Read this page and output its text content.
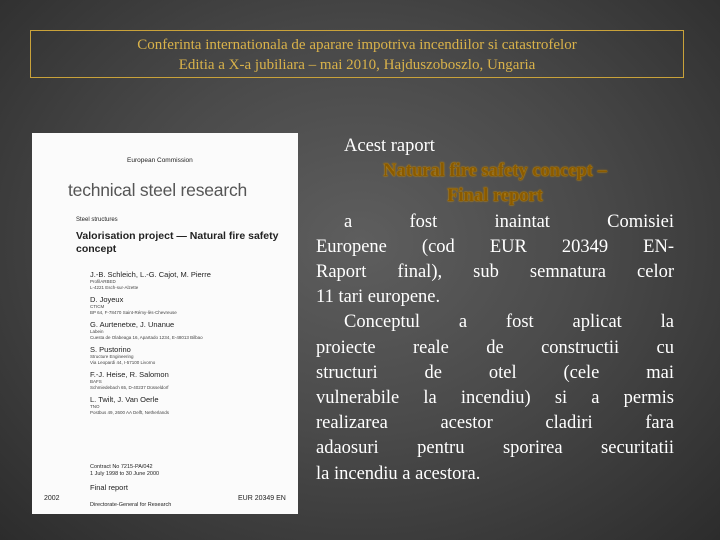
Conferinta internationala de aparare impotriva incendiilor si catastrofelor
Editia a X-a jubiliara – mai 2010, Hajduszoboszlo, Ungaria
European Commission
technical steel research
Steel structures
Valorisation project — Natural fire safety concept
J.-B. Schleich, L.-G. Cajot, M. Pierre
ProfilARBED
L-4221 Esch-sur-Alzette
D. Joyeux
CTICM
BP 64, F-78470 Saint-Rémy-lès-Chevreuse
G. Aurtenetxe, J. Unanue
Labein
Cuesta de Olabeaga 16, Apartado 1234, E-48013 Bilbao
S. Pustorino
Structure Engineering
Via Leopardi 44, I-57100 Livorno
F.-J. Heise, R. Salomon
BAFS
Schmiedebach 65, D-40237 Düsseldorf
L. Twilt, J. Van Oerle
TNO
Postbus 49, 2600 AA Delft, Netherlands
Contract No 7215-PA/042
1 July 1998 to 30 June 2000
Final report
2002
Directorate-General for Research
EUR 20349 EN

Acest raport

Natural fire safety concept –

Final report

a fost inaintat Comisiei

Europene (cod EUR 20349 EN-

Raport final), sub semnatura celor

11 tari europene.

Conceptul a fost aplicat la

proiecte reale de constructii cu

structuri de otel (cele mai

vulnerabile la incendiu) si a permis

realizarea acestor cladiri fara

adaosuri pentru sporirea securitatii

la incendiu a acestora.
